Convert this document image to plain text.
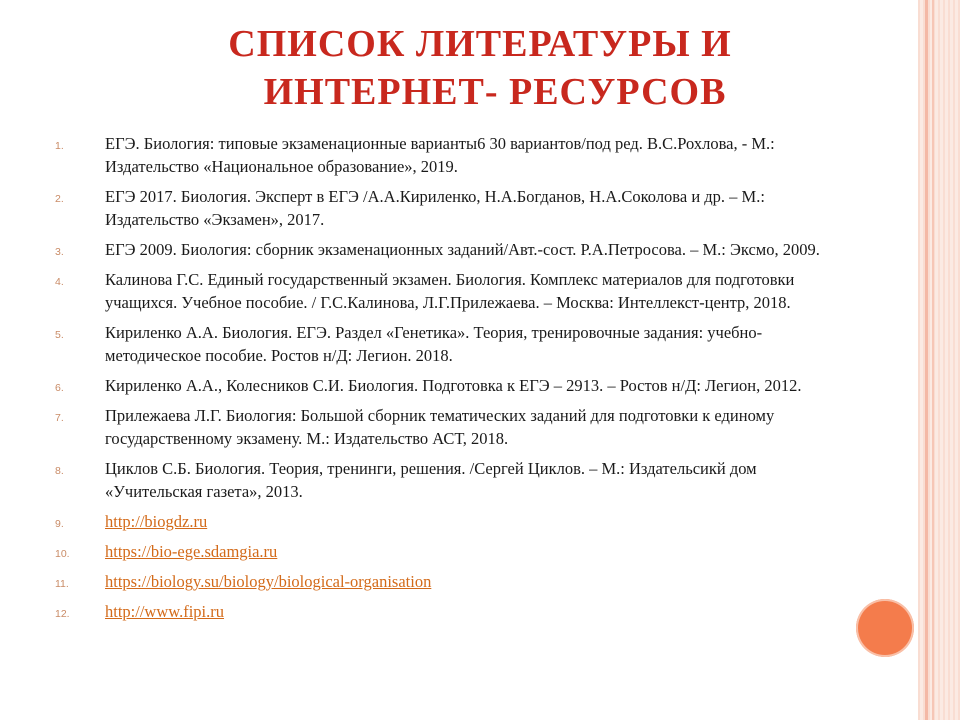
СПИСОК ЛИТЕРАТУРЫ И
ИНТЕРНЕТ- РЕСУРСОВ
1. ЕГЭ. Биология: типовые экзаменационные варианты6 30 вариантов/под ред. В.С.Рохлова, - М.: Издательство «Национальное образование», 2019.
2. ЕГЭ 2017. Биология. Эксперт в ЕГЭ /А.А.Кириленко, Н.А.Богданов, Н.А.Соколова и др. – М.: Издательство «Экзамен», 2017.
3. ЕГЭ 2009. Биология: сборник экзаменационных заданий/Авт.-сост. Р.А.Петросова. – М.: Эксмо, 2009.
4. Калинова Г.С. Единый государственный экзамен. Биология. Комплекс материалов для подготовки учащихся. Учебное пособие. / Г.С.Калинова, Л.Г.Прилежаева. – Москва: Интеллекст-центр, 2018.
5. Кириленко А.А. Биология. ЕГЭ. Раздел «Генетика». Теория, тренировочные задания: учебно-методическое пособие. Ростов н/Д: Легион. 2018.
6. Кириленко А.А., Колесников С.И. Биология. Подготовка к ЕГЭ – 2913. – Ростов н/Д: Легион, 2012.
7. Прилежаева Л.Г. Биология: Большой сборник тематических заданий для подготовки к единому государственному экзамену. М.: Издательство АСТ, 2018.
8. Циклов С.Б. Биология. Теория, тренинги, решения. /Сергей Циклов. – М.: Издательсикй дом «Учительская газета», 2013.
9. http://biogdz.ru
10. https://bio-ege.sdamgia.ru
11. https://biology.su/biology/biological-organisation
12. http://www.fipi.ru
